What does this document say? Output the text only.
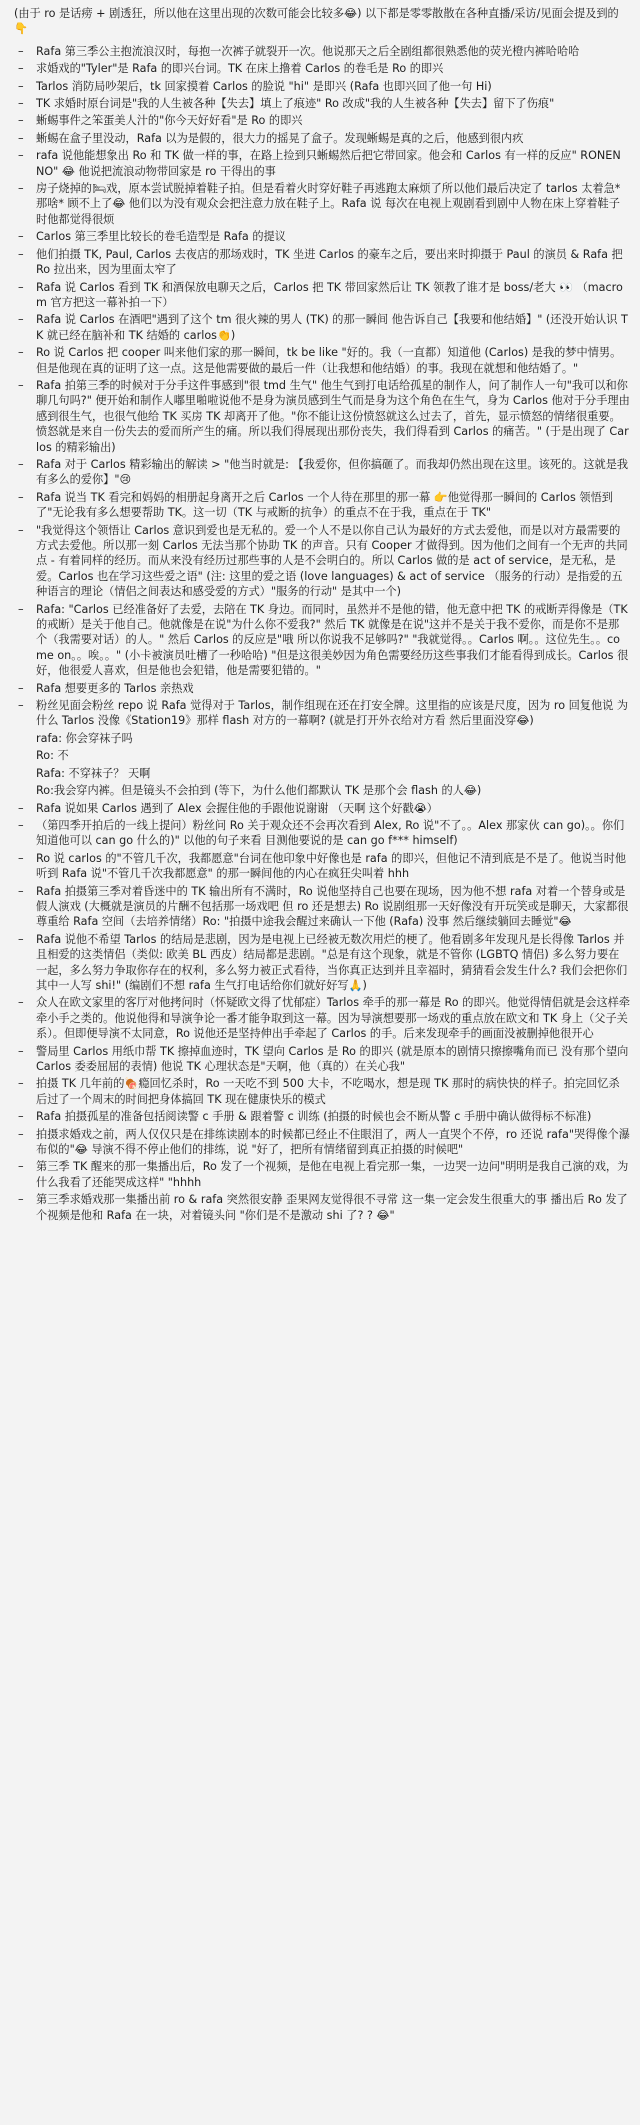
(由于 ro 是话痨 + 剧透狂，所以他在这里出现的次数可能会比较多😂) 以下都是零零散散在各种直播/采访/见面会提及到的👇

– Rafa 第三季公主抱流浪汉时，每抱一次裤子就裂开一次。他说那天之后全剧组都很熟悉他的荧光橙内裤哈哈哈
– 求婚戏的"Tyler"是 Rafa 的即兴台词。TK 在床上撸着 Carlos 的卷毛是 Ro 的即兴
– Tarlos 消防局吵架后，tk 回家摸着 Carlos 的脸说 "hi" 是即兴 (Rafa 也即兴回了他一句 Hi)
– TK 求婚时原台词是"我的人生被各种【失去】填上了痕迹" Ro 改成"我的人生被各种【失去】留下了伤痕"
– 蜥蜴事件之笨蛋美人汁的"你今天好好看"是 Ro 的即兴
– 蜥蜴在盒子里没动，Rafa 以为是假的，很大力的摇晃了盒子。发现蜥蜴是真的之后，他感到很内疚
– rafa 说他能想象出 Ro 和 TK 做一样的事，在路上捡到只蜥蜴然后把它带回家。他会和 Carlos 有一样的反应" RONEN NO" 😂 他说把流浪动物带回家是 ro 干得出的事
– 房子烧掉的🛏戏，原本尝试脱掉着鞋子拍。但是看着火时穿好鞋子再逃跑太麻烦了所以他们最后决定了 tarlos 太着急*那啥* 顾不上了😂 他们以为没有观众会把注意力放在鞋子上。Rafa 说 每次在电视上观剧看到剧中人物在床上穿着鞋子时他都觉得很烦
– Carlos 第三季里比较长的卷毛造型是 Rafa 的提议
– 他们拍摄 TK, Paul, Carlos 去夜店的那场戏时，TK 坐进 Carlos 的豪车之后，要出来时抑摄于 Paul 的演员 & Rafa 把 Ro 拉出来，因为里面太窄了
– Rafa 说 Carlos 看到 TK 和酒保放电聊天之后，Carlos 把 TK 带回家然后让 TK 领教了谁才是 boss/老大 👀 （macrom 官方把这一幕补拍一下）
– Rafa 说 Carlos 在酒吧"遇到了这个 tm 很火辣的男人 (TK) 的那一瞬间 他告诉自己【我要和他结婚】" (还没开始认识 TK 就已经在脑补和 TK 结婚的 carlos👏)
– Ro 说 Carlos 把 cooper 叫来他们家的那一瞬间，tk be like "好的。我（一直都）知道他 (Carlos) 是我的梦中情男。但是他现在真的证明了这一点。这是他需要做的最后一件（让我想和他结婚）的事。我现在就想和他结婚了。"
– Rafa 拍第三季的时候对于分手这件事感到"很 tmd 生气" 他生气到打电话给孤星的制作人，问了制作人一句"我可以和你聊几句吗?" 便开始和制作人嘟里啪啦说他不是身为演员感到生气而是身为这个角色在生气，身为 Carlos 他对于分手理由感到很生气，也很气他给 TK 买房 TK 却离开了他。"你不能让这份愤怒就这么过去了，首先，显示愤怒的情绪很重要。愤怒就是来自一份失去的爱而所产生的痛。所以我们得展现出那份丧失，我们得看到 Carlos 的痛苦。" (于是出现了 Carlos 的精彩输出)
– Rafa 对于 Carlos 精彩输出的解读 > "他当时就是: 【我爱你，但你搞砸了。而我却仍然出现在这里。该死的。这就是我有多么的爱你】"😢
– Rafa 说当 TK 看完和妈妈的相册起身离开之后 Carlos 一个人待在那里的那一幕 👉他觉得那一瞬间的 Carlos 领悟到了"无论我有多么想要帮助 TK。这一切（TK 与戒断的抗争）的重点不在于我，重点在于 TK"
– "我觉得这个领悟让 Carlos 意识到爱也是无私的。爱一个人不是以你自己认为最好的方式去爱他，而是以对方最需要的方式去爱他。所以那一刻 Carlos 无法当那个协助 TK 的声音。只有 Cooper 才做得到。因为他们之间有一个无声的共同点 - 有着同样的经历。而从来没有经历过那些事的人是不会明白的。所以 Carlos 做的是 act of service，是无私，是爱。Carlos 也在学习这些爱之语" (注: 这里的爱之语 (love languages) & act of service （服务的行动）是指爱的五种语言的理论（情侣之间表达和感受爱的方式）"服务的行动" 是其中一个)
– Rafa: "Carlos 已经准备好了去爱，去陪在 TK 身边。而同时，虽然并不是他的错，他无意中把 TK 的戒断弄得像是（TK 的戒断）是关于他自己。他就像是在说"为什么你不爱我?" 然后 TK 就像是在说"这并不是关于我不爱你，而是你不是那个（我需要对话）的人。" 然后 Carlos 的反应是"哦 所以你说我不足够吗?" "我就觉得。。Carlos 啊。。这位先生。。come on。。唉。。" (小卡被演员吐槽了一秒哈哈) "但是这很美妙因为角色需要经历这些事我们才能看得到成长。Carlos 很好，他很爱人喜欢，但是他也会犯错，他是需要犯错的。"
– Rafa 想要更多的 Tarlos 亲热戏
– 粉丝见面会粉丝 repo 说 Rafa 觉得对于 Tarlos，制作组现在还在打安全牌。这里指的应该是尺度，因为 ro 回复他说 为什么 Tarlos 没像《Station19》那样 flash 对方的一幕啊? (就是打开外衣给对方看 然后里面没穿😂)
rafa: 你会穿袜子吗
Ro: 不
Rafa: 不穿袜子？ 天啊
Ro:我会穿内裤。但是镜头不会拍到 (等下，为什么他们都默认 TK 是那个会 flash 的人😂)
– Rafa 说如果 Carlos 遇到了 Alex 会握住他的手跟他说谢谢 （天啊 这个好戳😭）
– （第四季开拍后的一线上提问）粉丝问 Ro 关于观众还不会再次看到 Alex, Ro 说"不了。。Alex 那家伙 can go)。。你们知道他可以 can go 什么的)" 以他的句子来看 目测他要说的是 can go f*** himself)
– Ro 说 carlos 的"不管几千次，我都愿意"台词在他印象中好像也是 rafa 的即兴，但他记不清到底是不是了。他说当时他听到 Rafa 说"不管几千次我都愿意" 的那一瞬间他的内心在疯狂尖叫着 hhh
– Rafa 拍摄第三季对着昏迷中的 TK 输出所有不满时，Ro 说他坚持自己也要在现场，因为他不想 rafa 对着一个替身或是假人演戏 (大概就是演员的片酬不包括那一场戏吧 但 ro 还是想去) Ro 说剧组那一天好像没有开玩笑或是聊天，大家都很尊重给 Rafa 空间（去培养情绪）Ro: "拍摄中途我会醒过来确认一下他 (Rafa) 没事 然后继续躺回去睡觉"😂
– Rafa 说他不希望 Tarlos 的结局是悲剧，因为是电视上已经被无数次用烂的梗了。他看剧多年发现凡是长得像 Tarlos 并且相爱的这类情侣（类似: 欧美 BL 西皮）结局都是悲剧。"总是有这个现象，就是不管你 (LGBTQ 情侣) 多么努力要在一起，多么努力争取你存在的权利，多么努力被正式看待，当你真正达到并且幸福时，猜猜看会发生什么? 我们会把你们其中一人写 shi!" (编剧们不想 rafa 生气打电话给你们就好好写🙏)
– 众人在欧文家里的客厅对他拷问时（怀疑欧文得了忧郁症）Tarlos 牵手的那一幕是 Ro 的即兴。他觉得情侣就是会这样牵牵小手之类的。他说他得和导演争论一番才能争取到这一幕。因为导演想要那一场戏的重点放在欧文和 TK 身上（父子关系）。但即便导演不太同意，Ro 说他还是坚持伸出手牵起了 Carlos 的手。后来发现牵手的画面没被删掉他很开心
– 警局里 Carlos 用纸巾帮 TK 擦掉血迹时，TK 望向 Carlos 是 Ro 的即兴 (就是原本的剧情只擦擦嘴角而已 没有那个望向 Carlos 委委屈屈的表情) 他说 TK 心理状态是"天啊，他（真的）在关心我"
– 拍摄 TK 几年前的🍖瘾回忆杀时，Ro 一天吃不到 500 大卡，不吃喝水，想是现 TK 那时的病快快的样子。拍完回忆杀后过了一个周末的时间把身体搞回 TK 现在健康快乐的模式
– Rafa 拍摄孤星的准备包括阅读警 c 手册 & 跟着警 c 训练 (拍摄的时候也会不断从警 c 手册中确认做得标不标准)
– 拍摄求婚戏之前，两人仅仅只是在排练读剧本的时候都已经止不住眼泪了，两人一直哭个不停，ro 还说 rafa"哭得像个瀑布似的"😂 导演不得不停止他们的排练，说 "好了，把所有情绪留到真正拍摄的时候吧"
– 第三季 TK 醒来的那一集播出后，Ro 发了一个视频，是他在电视上看完那一集，一边哭一边问"明明是我自己演的戏，为什么我看了还能哭成这样" "hhhh
– 第三季求婚戏那一集播出前 ro & rafa 突然很安静 歪果网友觉得很不寻常 这一集一定会发生很重大的事 播出后 Ro 发了个视频是他和 Rafa 在一块，对着镜头问 "你们是不是激动 shi 了? ? 😂"
